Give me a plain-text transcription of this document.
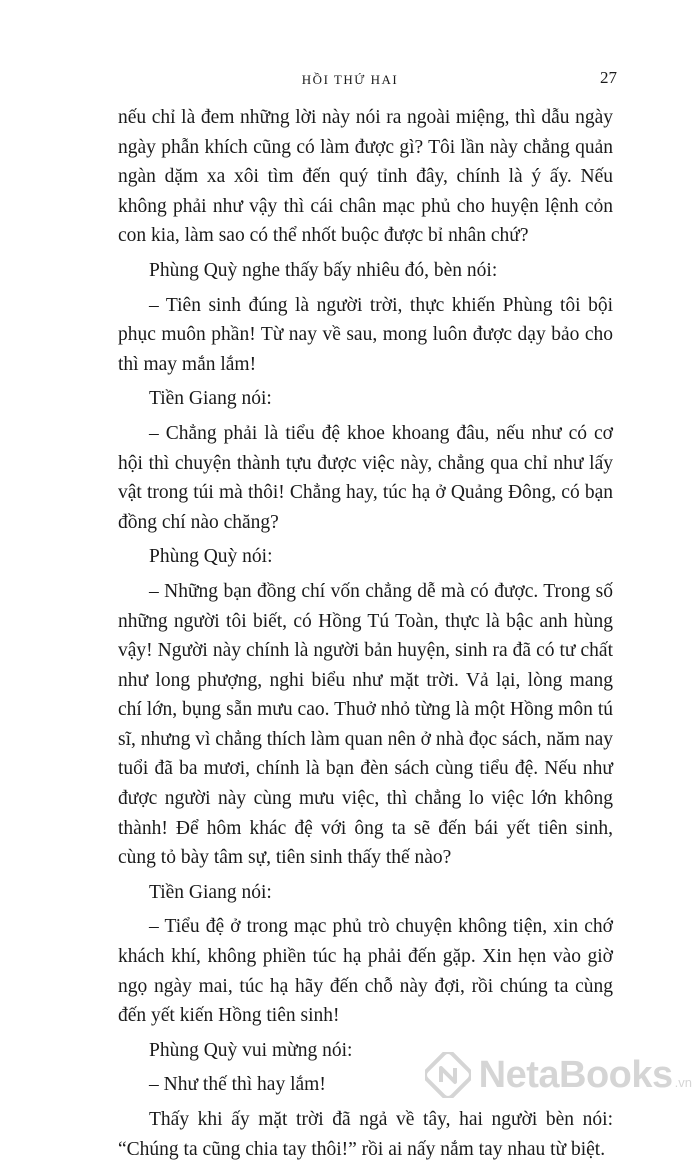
HỒI THỨ HAI	27

nếu chỉ là đem những lời này nói ra ngoài miệng, thì dẫu ngày ngày phẫn khích cũng có làm được gì? Tôi lần này chẳng quản ngàn dặm xa xôi tìm đến quý tỉnh đây, chính là ý ấy. Nếu không phải như vậy thì cái chân mạc phủ cho huyện lệnh cỏn con kia, làm sao có thể nhốt buộc được bỉ nhân chứ?

Phùng Quỳ nghe thấy bấy nhiêu đó, bèn nói:

– Tiên sinh đúng là người trời, thực khiến Phùng tôi bội phục muôn phần! Từ nay về sau, mong luôn được dạy bảo cho thì may mắn lắm!

Tiền Giang nói:

– Chẳng phải là tiểu đệ khoe khoang đâu, nếu như có cơ hội thì chuyện thành tựu được việc này, chẳng qua chỉ như lấy vật trong túi mà thôi! Chẳng hay, túc hạ ở Quảng Đông, có bạn đồng chí nào chăng?

Phùng Quỳ nói:

– Những bạn đồng chí vốn chẳng dễ mà có được. Trong số những người tôi biết, có Hồng Tú Toàn, thực là bậc anh hùng vậy! Người này chính là người bản huyện, sinh ra đã có tư chất như long phượng, nghi biểu như mặt trời. Vả lại, lòng mang chí lớn, bụng sẵn mưu cao. Thuở nhỏ từng là một Hồng môn tú sĩ, nhưng vì chẳng thích làm quan nên ở nhà đọc sách, năm nay tuổi đã ba mươi, chính là bạn đèn sách cùng tiểu đệ. Nếu như được người này cùng mưu việc, thì chẳng lo việc lớn không thành! Để hôm khác đệ với ông ta sẽ đến bái yết tiên sinh, cùng tỏ bày tâm sự, tiên sinh thấy thế nào?

Tiền Giang nói:

– Tiểu đệ ở trong mạc phủ trò chuyện không tiện, xin chớ khách khí, không phiền túc hạ phải đến gặp. Xin hẹn vào giờ ngọ ngày mai, túc hạ hãy đến chỗ này đợi, rồi chúng ta cùng đến yết kiến Hồng tiên sinh!

Phùng Quỳ vui mừng nói:

– Như thế thì hay lắm!

Thấy khi ấy mặt trời đã ngả về tây, hai người bèn nói: “Chúng ta cũng chia tay thôi!” rồi ai nấy nắm tay nhau từ biệt.

NetaBooks .vn
